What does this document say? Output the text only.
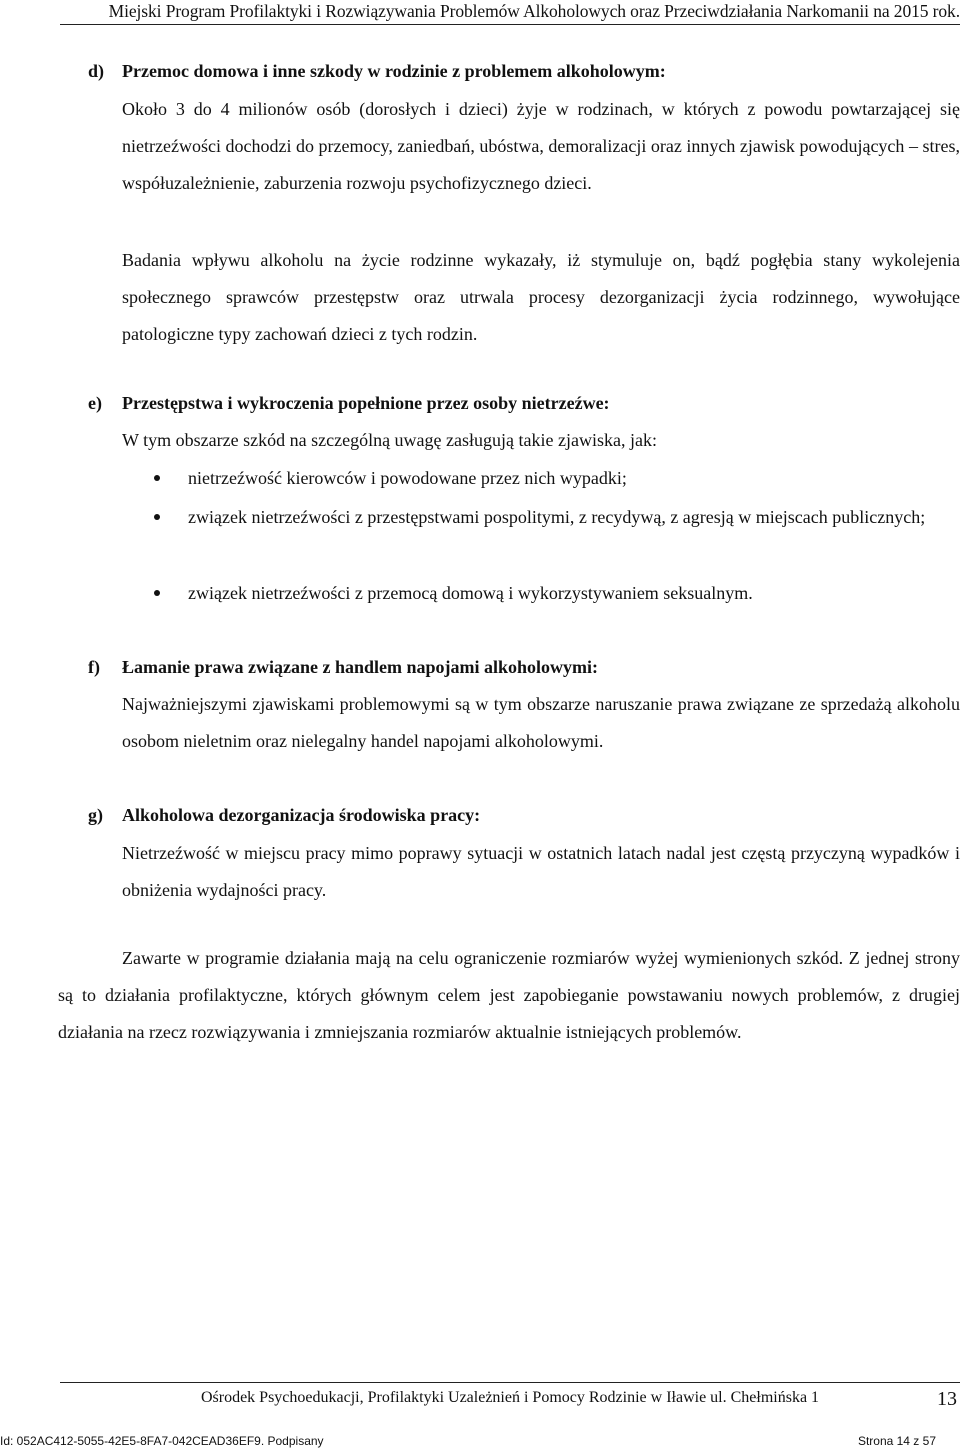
Miejski Program Profilaktyki i Rozwiązywania Problemów Alkoholowych oraz Przeciwdziałania Narkomanii na 2015 rok.
d) Przemoc domowa i inne szkody w rodzinie z problemem alkoholowym:

Około 3 do 4 milionów osób (dorosłych i dzieci) żyje w rodzinach, w których z powodu powtarzającej się nietrzeźwości dochodzi do przemocy, zaniedbań, ubóstwa, demoralizacji oraz innych zjawisk powodujących – stres, współuzależnienie, zaburzenia rozwoju psychofizycznego dzieci.

Badania wpływu alkoholu na życie rodzinne wykazały, iż stymuluje on, bądź pogłębia stany wykolejenia społecznego sprawców przestępstw oraz utrwala procesy dezorganizacji życia rodzinnego, wywołujące patologiczne typy zachowań dzieci z tych rodzin.

e) Przestępstwa i wykroczenia popełnione przez osoby nietrzeźwe:

W tym obszarze szkód na szczególną uwagę zasługują takie zjawiska, jak:

nietrzeźwość kierowców i powodowane przez nich wypadki;
związek nietrzeźwości z przestępstwami pospolitymi, z recydywą, z agresją w miejscach publicznych;
związek nietrzeźwości z przemocą domową i wykorzystywaniem seksualnym.
f) Łamanie prawa związane z handlem napojami alkoholowymi:

Najważniejszymi zjawiskami problemowymi są w tym obszarze naruszanie prawa związane ze sprzedażą alkoholu osobom nieletnim oraz nielegalny handel napojami alkoholowymi.

g) Alkoholowa dezorganizacja środowiska pracy:

Nietrzeźwość w miejscu pracy mimo poprawy sytuacji w ostatnich latach nadal jest częstą przyczyną wypadków i obniżenia wydajności pracy.

Zawarte w programie działania mają na celu ograniczenie rozmiarów wyżej wymienionych szkód. Z jednej strony są to działania profilaktyczne, których głównym celem jest zapobieganie powstawaniu nowych problemów, z drugiej działania na rzecz rozwiązywania i zmniejszania rozmiarów aktualnie istniejących problemów.

Ośrodek Psychoedukacji, Profilaktyki Uzależnień i Pomocy Rodzinie w Iławie ul. Chełmińska 1	13
Id: 052AC412-5055-42E5-8FA7-042CEAD36EF9. Podpisany	Strona 14 z 57
